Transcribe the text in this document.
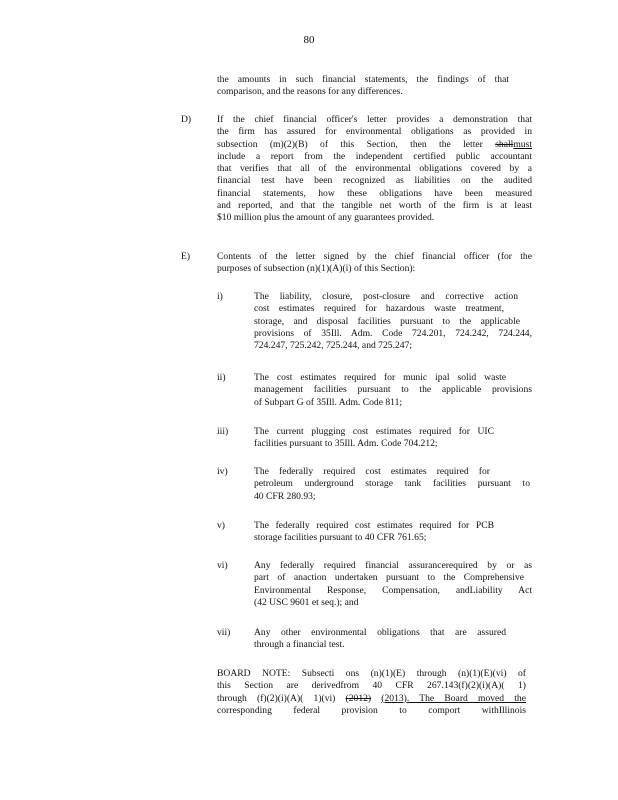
80
the amounts in such financial statements, the findings of that
comparison, and the reasons for any differences.
D)	If the chief financial officer's letter provides a demonstration that
the firm has assured for environmental obligations as provided in
subsection (m)(2)(B) of this Section, then the letter shallmust
include a report from the independent certified public accountant
that verifies that all of the environmental obligations covered by a
financial test have been recognized as liabilities on the audited
financial statements, how these obligations have been measured
and reported, and that the tangible net worth of the firm is at least
$10 million plus the amount of any guarantees provided.
E)	Contents of the letter signed by the chief financial officer (for the
purposes of subsection (n)(1)(A)(i) of this Section):
i)	The liability, closure, post-closure and corrective action
cost estimates required for hazardous waste treatment,
storage, and disposal facilities pursuant to the applicable
provisions of 35Ill. Adm. Code 724.201, 724.242, 724.244,
724.247, 725.242, 725.244, and 725.247;
ii)	The cost estimates required for munic ipal solid waste
management facilities pursuant to the applicable provisions
of Subpart G of 35Ill. Adm. Code 811;
iii)	The current plugging cost estimates required for UIC
facilities pursuant to 35Ill. Adm. Code 704.212;
iv)	The federally required cost estimates required for
petroleum underground storage tank facilities pursuant to
40 CFR 280.93;
v)	The federally required cost estimates required for PCB
storage facilities pursuant to 40 CFR 761.65;
vi)	Any federally required financial assurancerequired by or as
part of anaction undertaken pursuant to the Comprehensive
Environmental Response, Compensation, andLiability Act
(42 USC 9601 et seq.); and
vii) Any other environmental obligations that are assured
through a financial test.
BOARD NOTE: Subsecti ons (n)(1)(E) through (n)(1)(E)(vi) of
this Section are derivedfrom 40 CFR 267.143(f)(2)(i)(A)( 1)
through (f)(2)(i)(A)( 1)(vi) (2012) (2013). The Board moved the
corresponding federal provision to comport withIllinois
